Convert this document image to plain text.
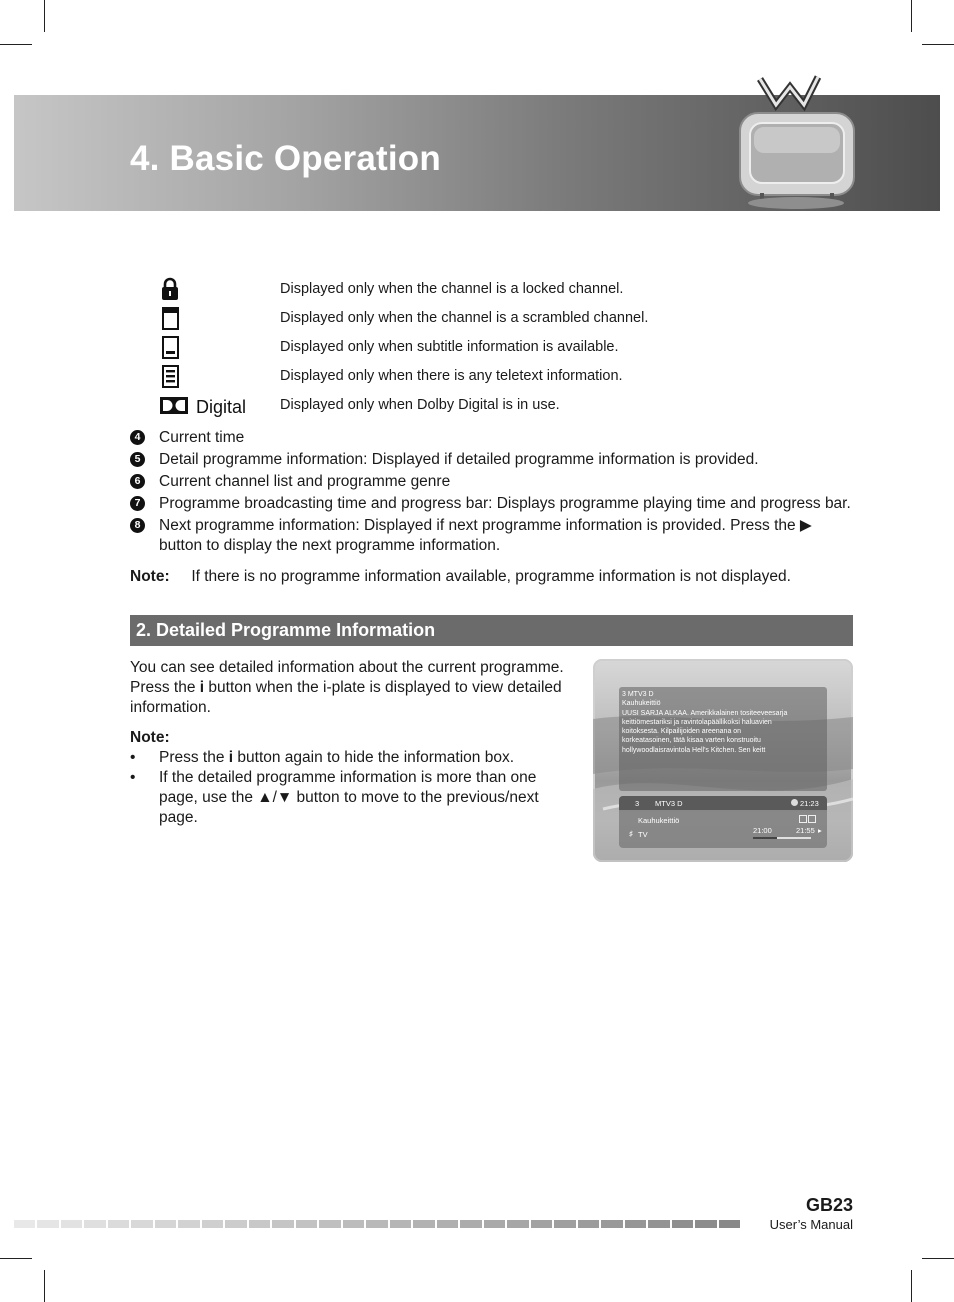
4. Basic Operation
Displayed only when the channel is a locked channel.
Displayed only when the channel is a scrambled channel.
Displayed only when subtitle information is available.
Displayed only when there is any teletext information.
Digital Displayed only when Dolby Digital is in use.
4 Current time
5 Detail programme information: Displayed if detailed programme information is provided.
6 Current channel list and programme genre
7 Programme broadcasting time and progress bar: Displays programme playing time and progress bar.
8 Next programme information: Displayed if next programme information is provided. Press the ▶ button to display the next programme information.
Note: If there is no programme information available, programme information is not displayed.
2. Detailed Programme Information
You can see detailed information about the current programme. Press the i button when the i-plate is displayed to view detailed information.
Note:
• Press the i button again to hide the information box.
• If the detailed programme information is more than one page, use the ▲/▼ button to move to the previous/next page.
3 MTV3 D
Kauhukeittiö
UUSI SARJA ALKAA. Amerikkalainen tositeeveesarja
keittiömestariksi ja ravintolapäällikoksi haluavien
koitoksesta. Kilpailijoiden areenana on
korkeatasoinen, tätä kisaa varten konstruoitu
hollywoodlaisravintola Hell's Kitchen. Sen keitt
3 MTV3 D	21:23
Kauhukeittiö
♯ TV	21:00	21:55 ▸
GB23
User’s Manual
